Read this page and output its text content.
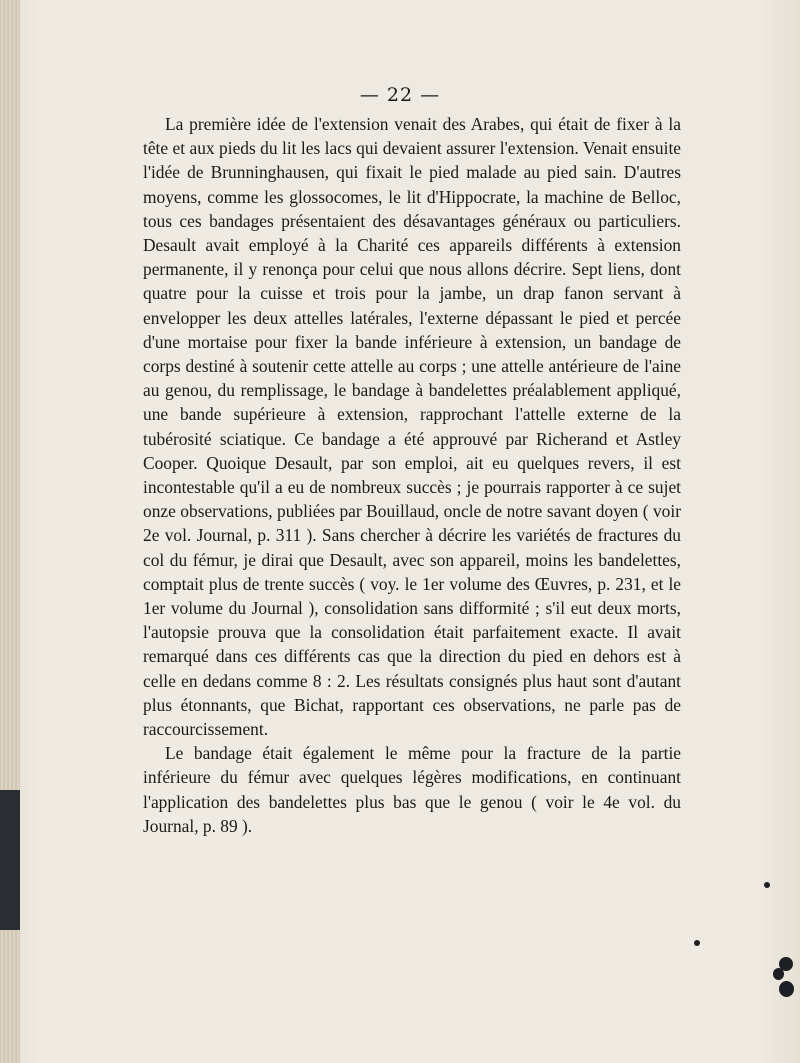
— 22 —

La première idée de l'extension venait des Arabes, qui était de fixer à la tête et aux pieds du lit les lacs qui devaient assurer l'extension. Venait ensuite l'idée de Brunninghausen, qui fixait le pied malade au pied sain. D'autres moyens, comme les glossocomes, le lit d'Hippocrate, la machine de Belloc, tous ces bandages présentaient des désavantages généraux ou particuliers. Desault avait employé à la Charité ces appareils différents à extension permanente, il y renonça pour celui que nous allons décrire. Sept liens, dont quatre pour la cuisse et trois pour la jambe, un drap fanon servant à envelopper les deux attelles latérales, l'externe dépassant le pied et percée d'une mortaise pour fixer la bande inférieure à extension, un bandage de corps destiné à soutenir cette attelle au corps ; une attelle antérieure de l'aine au genou, du remplissage, le bandage à bandelettes préalablement appliqué, une bande supérieure à extension, rapprochant l'attelle externe de la tubérosité sciatique. Ce bandage a été approuvé par Richerand et Astley Cooper. Quoique Desault, par son emploi, ait eu quelques revers, il est incontestable qu'il a eu de nombreux succès ; je pourrais rapporter à ce sujet onze observations, publiées par Bouillaud, oncle de notre savant doyen ( voir 2e vol. Journal, p. 311 ). Sans chercher à décrire les variétés de fractures du col du fémur, je dirai que Desault, avec son appareil, moins les bandelettes, comptait plus de trente succès ( voy. le 1er volume des Œuvres, p. 231, et le 1er volume du Journal ), consolidation sans difformité ; s'il eut deux morts, l'autopsie prouva que la consolidation était parfaitement exacte. Il avait remarqué dans ces différents cas que la direction du pied en dehors est à celle en dedans comme 8 : 2. Les résultats consignés plus haut sont d'autant plus étonnants, que Bichat, rapportant ces observations, ne parle pas de raccourcissement.

Le bandage était également le même pour la fracture de la partie inférieure du fémur avec quelques légères modifications, en continuant l'application des bandelettes plus bas que le genou ( voir le 4e vol. du Journal, p. 89 ).
